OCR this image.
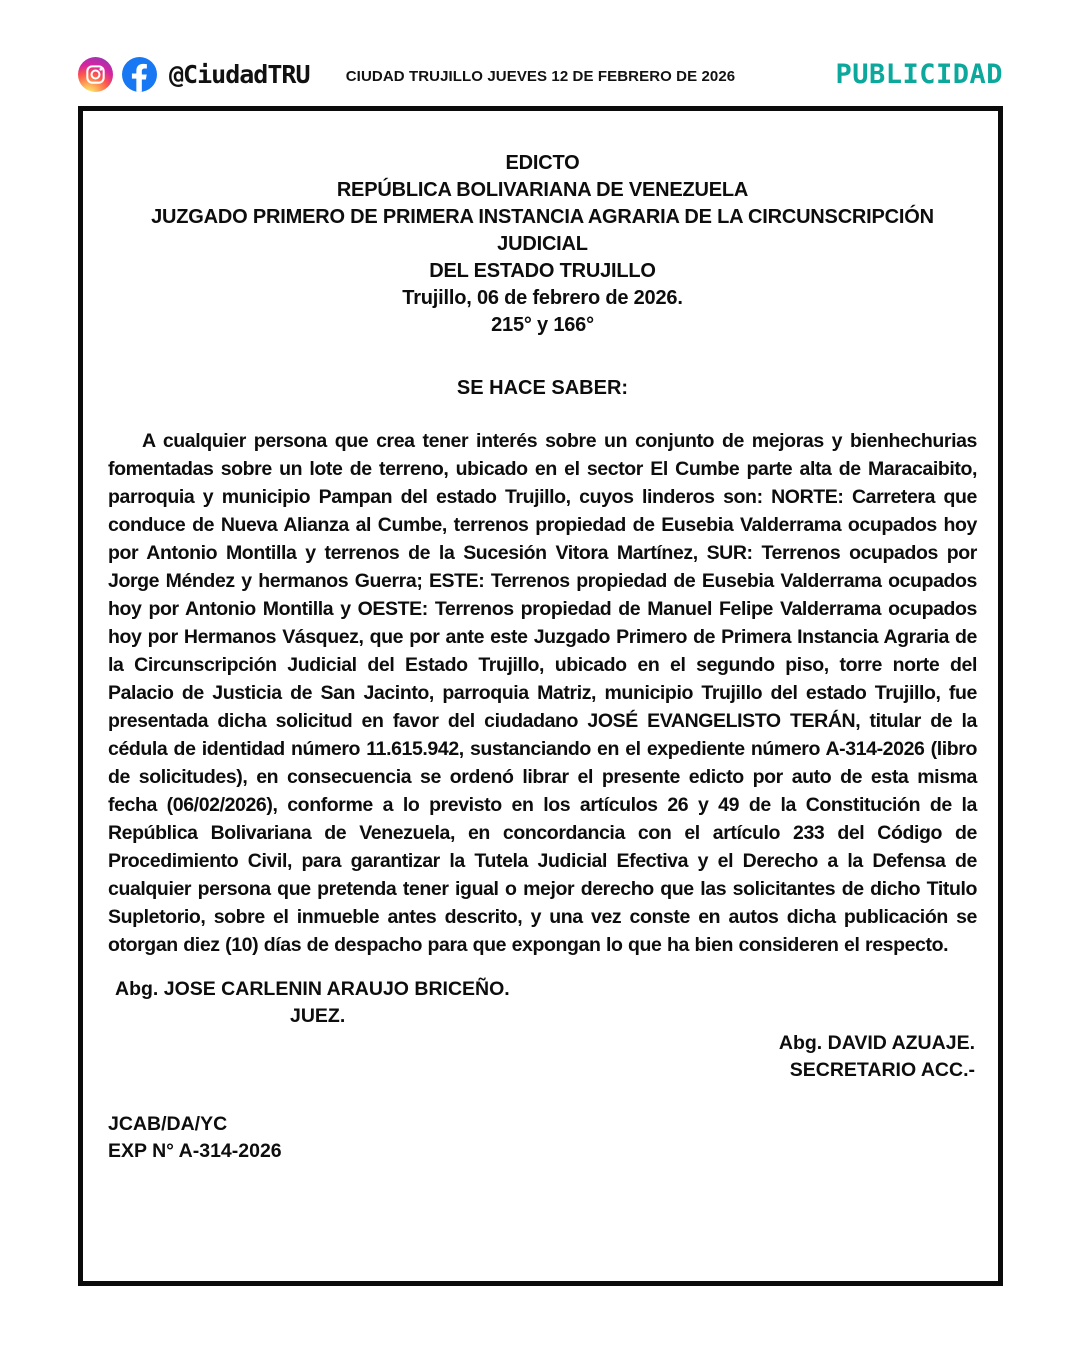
@CiudadTRU CIUDAD TRUJILLO JUEVES 12 DE FEBRERO DE 2026	PUBLICIDAD
EDICTO
REPÚBLICA BOLIVARIANA DE VENEZUELA
JUZGADO PRIMERO DE PRIMERA INSTANCIA AGRARIA DE LA CIRCUNSCRIPCIÓN JUDICIAL
DEL ESTADO TRUJILLO
Trujillo, 06 de febrero de 2026.
215° y 166°
SE HACE SABER:

A cualquier persona que crea tener interés sobre un conjunto de mejoras y bienhechurias fomentadas sobre un lote de terreno, ubicado en el sector El Cumbe parte alta de Maracaibito, parroquia y municipio Pampan del estado Trujillo, cuyos linderos son: NORTE: Carretera que conduce de Nueva Alianza al Cumbe, terrenos propiedad de Eusebia Valderrama ocupados hoy por Antonio Montilla y terrenos de la Sucesión Vitora Martínez, SUR: Terrenos ocupados por Jorge Méndez y hermanos Guerra; ESTE: Terrenos propiedad de Eusebia Valderrama ocupados hoy por Antonio Montilla y OESTE: Terrenos propiedad de Manuel Felipe Valderrama ocupados hoy por Hermanos Vásquez, que por ante este Juzgado Primero de Primera Instancia Agraria de la Circunscripción Judicial del Estado Trujillo, ubicado en el segundo piso, torre norte del Palacio de Justicia de San Jacinto, parroquia Matriz, municipio Trujillo del estado Trujillo, fue presentada dicha solicitud en favor del ciudadano JOSÉ EVANGELISTO TERÁN, titular de la cédula de identidad número 11.615.942, sustanciando en el expediente número A-314-2026 (libro de solicitudes), en consecuencia se ordenó librar el presente edicto por auto de esta misma fecha (06/02/2026), conforme a lo previsto en los artículos 26 y 49 de la Constitución de la República Bolivariana de Venezuela, en concordancia con el artículo 233 del Código de Procedimiento Civil, para garantizar la Tutela Judicial Efectiva y el Derecho a la Defensa de cualquier persona que pretenda tener igual o mejor derecho que las solicitantes de dicho Titulo Supletorio, sobre el inmueble antes descrito, y una vez conste en autos dicha publicación se otorgan diez (10) días de despacho para que expongan lo que ha bien consideren el respecto.

Abg. JOSE CARLENIN ARAUJO BRICEÑO.
JUEZ.
Abg. DAVID AZUAJE.
SECRETARIO ACC.-
JCAB/DA/YC
EXP N° A-314-2026
